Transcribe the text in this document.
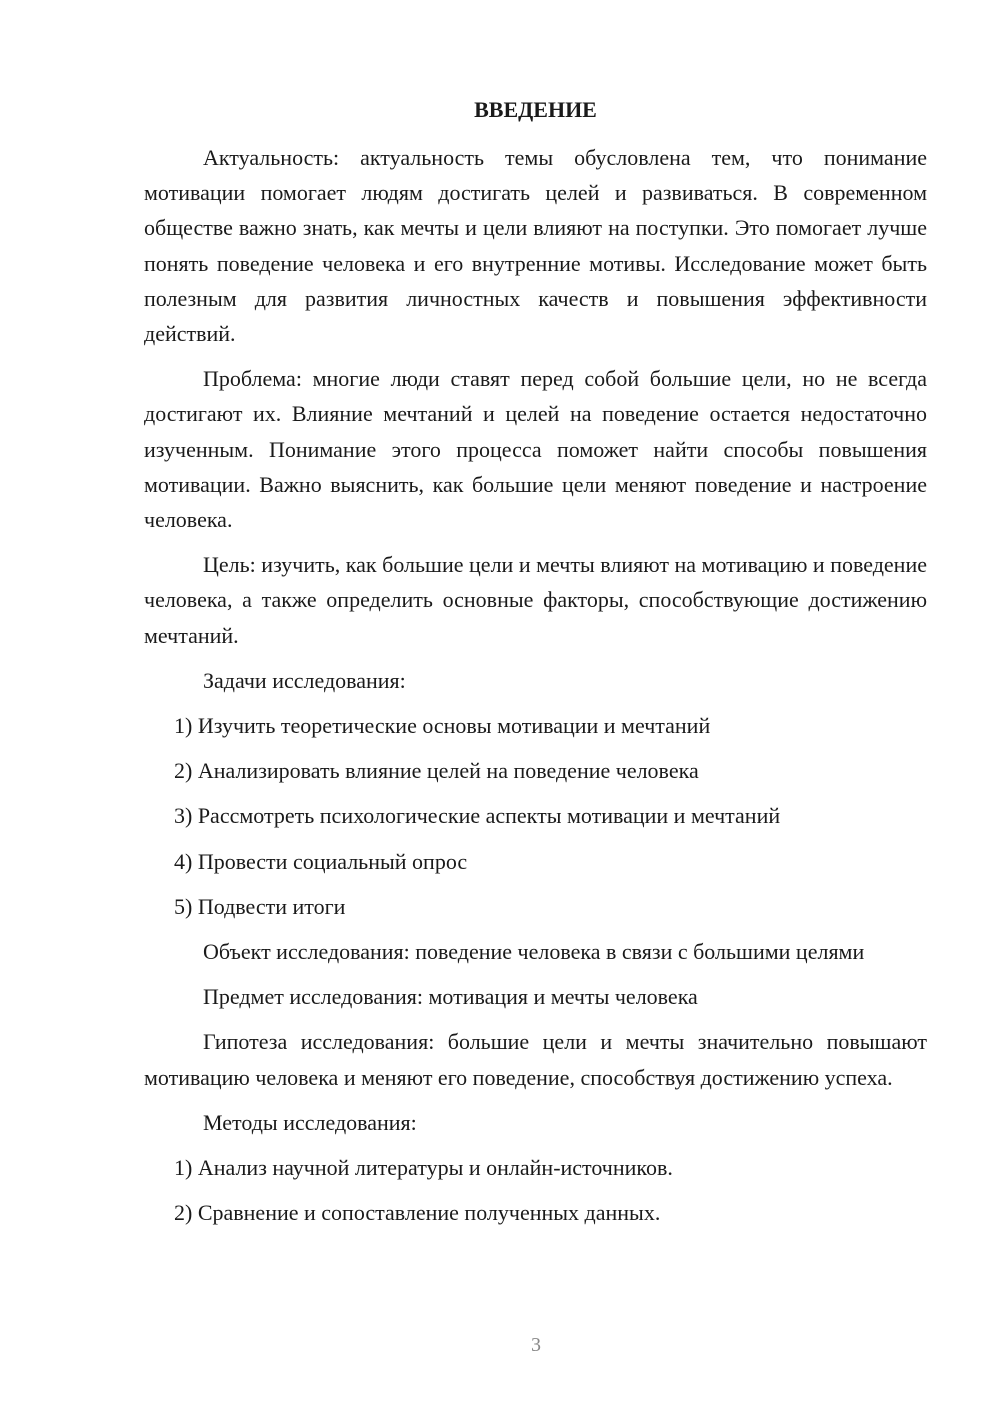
ВВЕДЕНИЕ

Актуальность: актуальность темы обусловлена тем, что понимание мотивации помогает людям достигать целей и развиваться. В современном обществе важно знать, как мечты и цели влияют на поступки. Это помогает лучше понять поведение человека и его внутренние мотивы. Исследование может быть полезным для развития личностных качеств и повышения эффективности действий.

Проблема: многие люди ставят перед собой большие цели, но не всегда достигают их. Влияние мечтаний и целей на поведение остается недостаточно изученным. Понимание этого процесса поможет найти способы повышения мотивации. Важно выяснить, как большие цели меняют поведение и настроение человека.

Цель: изучить, как большие цели и мечты влияют на мотивацию и поведение человека, а также определить основные факторы, способствующие достижению мечтаний.

Задачи исследования:

1) Изучить теоретические основы мотивации и мечтаний
2) Анализировать влияние целей на поведение человека
3) Рассмотреть психологические аспекты мотивации и мечтаний
4) Провести социальный опрос
5) Подвести итоги

Объект исследования: поведение человека в связи с большими целями

Предмет исследования: мотивация и мечты человека

Гипотеза исследования: большие цели и мечты значительно повышают мотивацию человека и меняют его поведение, способствуя достижению успеха.

Методы исследования:

1) Анализ научной литературы и онлайн-источников.
2) Сравнение и сопоставление полученных данных.
3
